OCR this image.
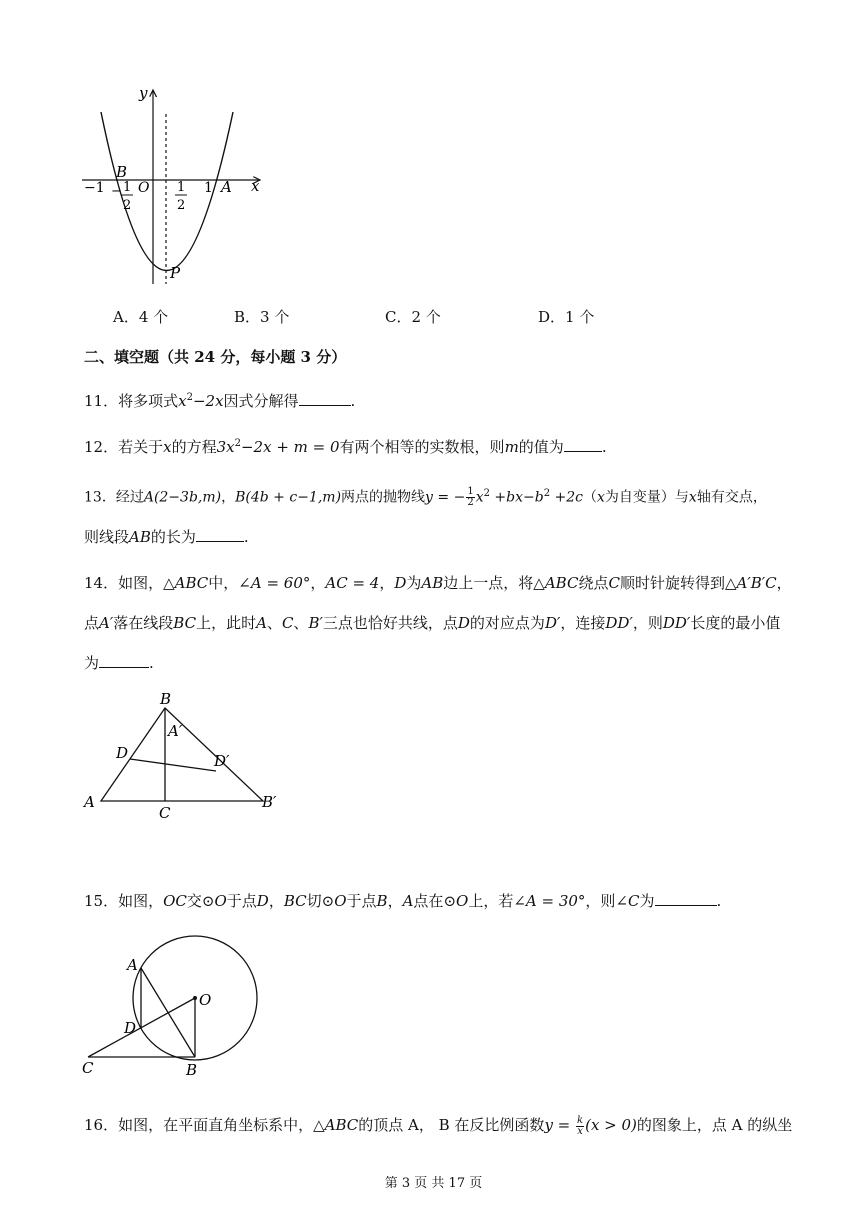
y
x
−1
B
O
− 1
2
1
2
1 A
P
A．4 个	B．3 个	C．2 个	D．1 个
二、填空题（共 24 分，每小题 3 分）
11．将多项式$x^2-2x$因式分解得	.
12．若关于x的方程$3x^2-2x + m = 0$有两个相等的实数根，则m的值为	.
13．经过A(2−3b,m)，B(4b + c−1,m)两点的抛物线y = − $\frac{1}{2} x^2 +bx-b^2 +2c(x$为自变量）与x轴有交点，
则线段AB的长为	.
14．如图，△ABC中，∠A = 60°，AC = 4，D为AB边上一点，将△ABC绕点C顺时针旋转得到△A′B′C，
点A′落在线段BC上，此时A、C、B′三点也恰好共线，点D的对应点为D′，连接DD′，则DD′长度的最小值
为	.
B
A′
D	D′
A
C
B′
15．如图，OC交⊙O于点D，BC切⊙O于点B，A点在⊙O上，若∠A = 30°，则∠C为	.
A
O
D
C	B
16．如图，在平面直角坐标系中，△ABC的顶点 A， B 在反比例函数$y = \frac{k}{x} (x > 0)$的图象上，点 A 的纵坐
第 3 页 共 17 页
